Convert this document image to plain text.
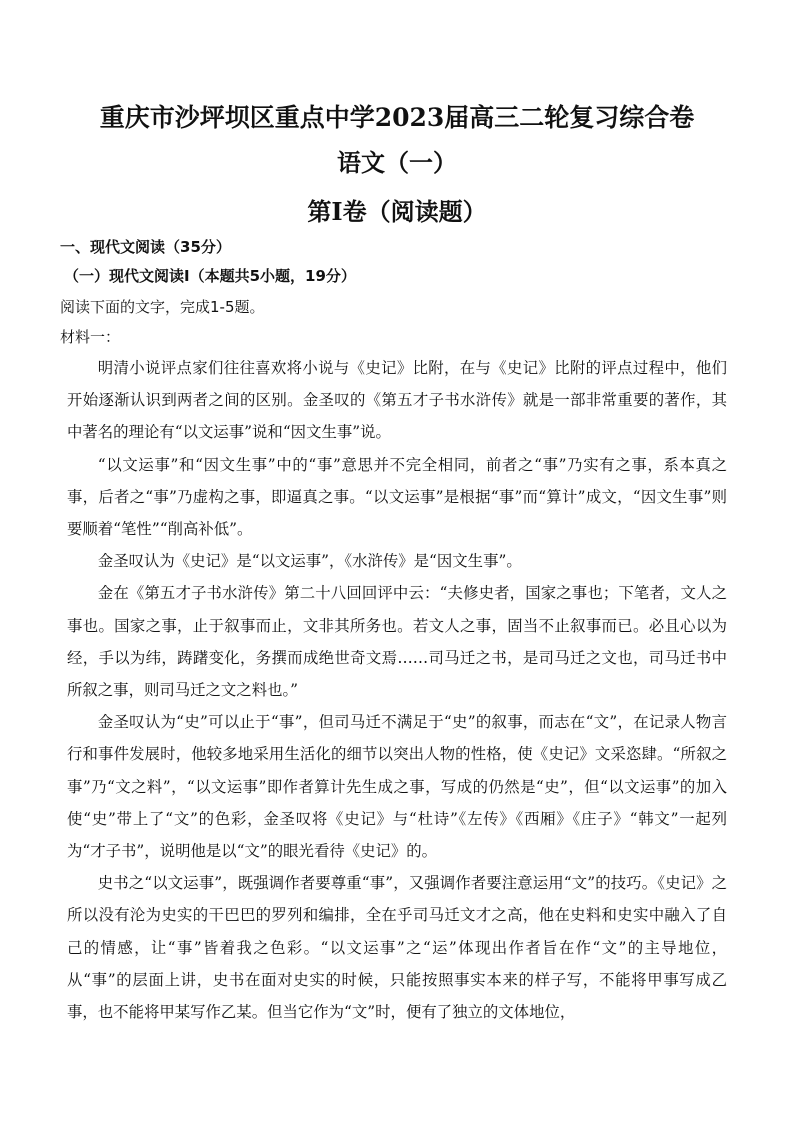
重庆市沙坪坝区重点中学2023届高三二轮复习综合卷
语文（一）
第Ⅰ卷（阅读题）
一、现代文阅读（35分）
（一）现代文阅读Ⅰ（本题共5小题，19分）
阅读下面的文字，完成1-5题。
材料一：

明清小说评点家们往往喜欢将小说与《史记》比附，在与《史记》比附的评点过程中，他们开始逐渐认识到两者之间的区别。金圣叹的《第五才子书水浒传》就是一部非常重要的著作，其中著名的理论有“以文运事”说和“因文生事”说。

“以文运事”和“因文生事”中的“事”意思并不完全相同，前者之“事”乃实有之事，系本真之事，后者之“事”乃虚构之事，即逼真之事。“以文运事”是根据“事”而“算计”成文，“因文生事”则要顺着“笔性”“削高补低”。

金圣叹认为《史记》是“以文运事”，《水浒传》是“因文生事”。

金在《第五才子书水浒传》第二十八回回评中云：“夫修史者，国家之事也；下笔者，文人之事也。国家之事，止于叙事而止，文非其所务也。若文人之事，固当不止叙事而已。必且心以为经，手以为纬，踌躇变化，务撰而成绝世奇文焉……司马迁之书，是司马迁之文也，司马迁书中所叙之事，则司马迁之文之料也。”

金圣叹认为“史”可以止于“事”，但司马迁不满足于“史”的叙事，而志在“文”，在记录人物言行和事件发展时，他较多地采用生活化的细节以突出人物的性格，使《史记》文采恣肆。“所叙之事”乃“文之料”，“以文运事”即作者算计先生成之事，写成的仍然是“史”，但“以文运事”的加入使“史”带上了“文”的色彩，金圣叹将《史记》与“杜诗”《左传》《西厢》《庄子》“韩文”一起列为“才子书”，说明他是以“文”的眼光看待《史记》的。

史书之“以文运事”，既强调作者要尊重“事”，又强调作者要注意运用“文”的技巧。《史记》之所以没有沦为史实的干巴巴的罗列和编排，全在乎司马迁文才之高，他在史料和史实中融入了自己的情感，让“事”皆着我之色彩。“以文运事”之“运”体现出作者旨在作“文”的主导地位，从“事”的层面上讲，史书在面对史实的时候，只能按照事实本来的样子写，不能将甲事写成乙事，也不能将甲某写作乙某。但当它作为“文”时，便有了独立的文体地位，
